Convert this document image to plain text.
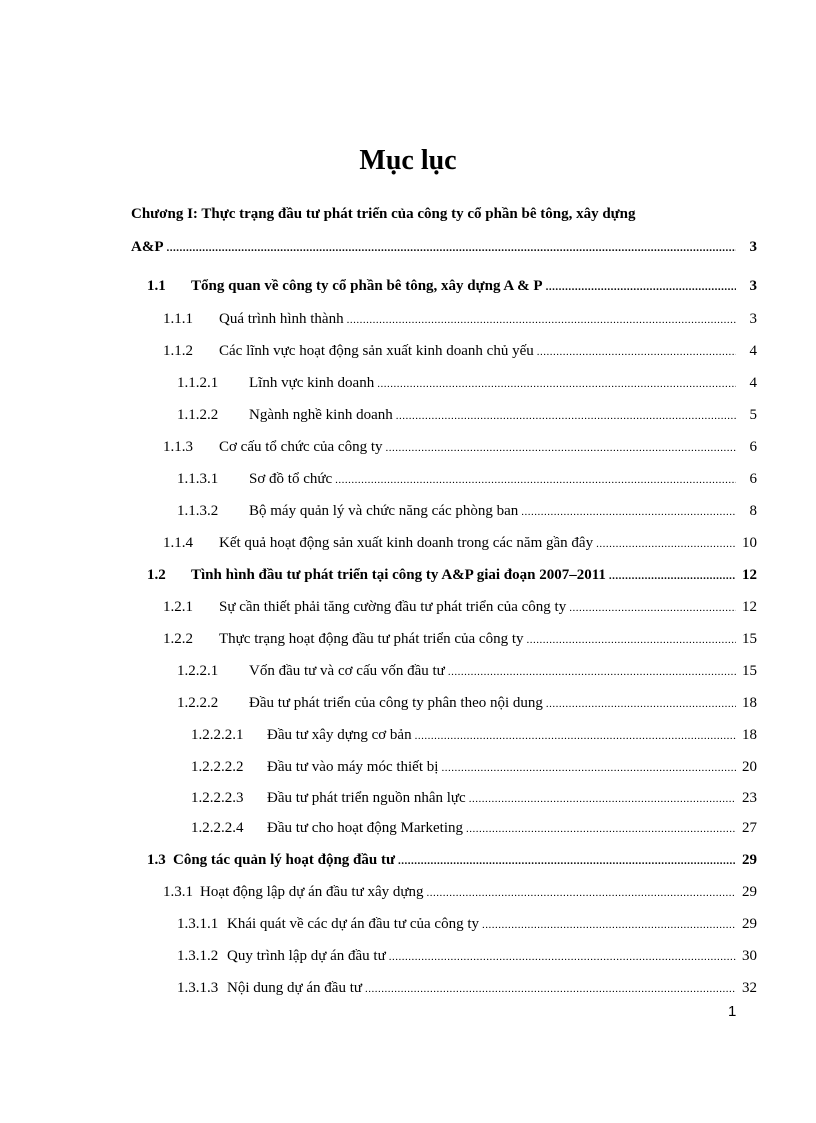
Mục lục
Chương I: Thực trạng đầu tư phát triển của công ty cổ phần bê tông, xây dựng
A&P .....	3
1.1	Tổng quan về công ty cổ phần bê tông, xây dựng A & P .....	3
1.1.1	Quá trình hình thành .....	3
1.1.2	Các lĩnh vực hoạt động sản xuất kinh doanh chủ yếu .....	4
1.1.2.1	Lĩnh vực kinh doanh .....	4
1.1.2.2	Ngành nghề kinh doanh .....	5
1.1.3	Cơ cấu tổ chức của công ty .....	6
1.1.3.1	Sơ đồ tổ chức .....	6
1.1.3.2	Bộ máy quản lý và chức năng các phòng ban .....	8
1.1.4	Kết quả hoạt động sản xuất kinh doanh trong các năm gần đây .....	10
1.2	Tình hình đầu tư phát triển tại công ty A&P giai đoạn 2007–2011 .....	12
1.2.1	Sự cần thiết phải tăng cường đầu tư phát triển của công ty .....	12
1.2.2	Thực trạng hoạt động đầu tư phát triển của công ty .....	15
1.2.2.1	Vốn đầu tư và cơ cấu vốn đầu tư .....	15
1.2.2.2	Đầu tư phát triển của công ty phân theo nội dung .....	18
1.2.2.2.1	Đầu tư xây dựng cơ bản .....	18
1.2.2.2.2	Đầu tư vào máy móc thiết bị .....	20
1.2.2.2.3	Đầu tư phát triển nguồn nhân lực .....	23
1.2.2.2.4	Đầu tư cho hoạt động Marketing .....	27
1.3 Công tác quản lý hoạt động đầu tư .....	29
1.3.1 Hoạt động lập dự án đầu tư xây dựng .....	29
1.3.1.1 Khái quát về các dự án đầu tư của công ty .....	29
1.3.1.2 Quy trình lập dự án đầu tư .....	30
1.3.1.3 Nội dung dự án đầu tư .....	32
1
